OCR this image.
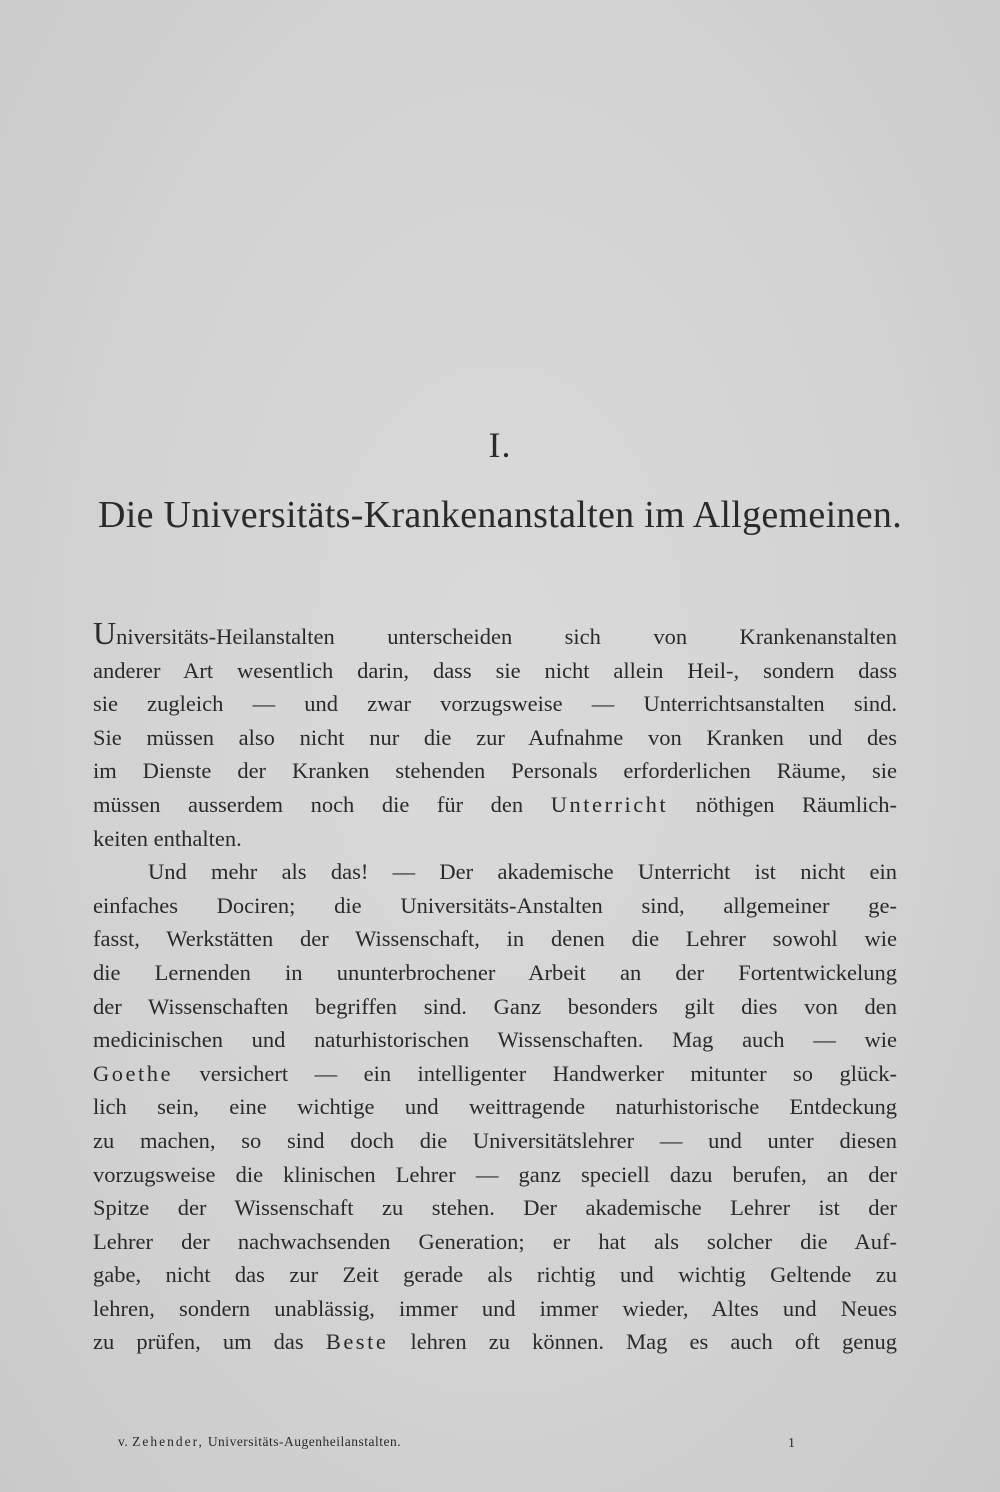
I.
Die Universitäts-Krankenanstalten im Allgemeinen.
Universitäts-Heilanstalten unterscheiden sich von Krankenanstalten
anderer Art wesentlich darin, dass sie nicht allein Heil-, sondern dass
sie zugleich — und zwar vorzugsweise — Unterrichtsanstalten sind.
Sie müssen also nicht nur die zur Aufnahme von Kranken und des
im Dienste der Kranken stehenden Personals erforderlichen Räume, sie
müssen ausserdem noch die für den Unterricht nöthigen Räumlich-
keiten enthalten.
Und mehr als das! — Der akademische Unterricht ist nicht ein
einfaches Dociren; die Universitäts-Anstalten sind, allgemeiner ge-
fasst, Werkstätten der Wissenschaft, in denen die Lehrer sowohl wie
die Lernenden in ununterbrochener Arbeit an der Fortentwickelung
der Wissenschaften begriffen sind. Ganz besonders gilt dies von den
medicinischen und naturhistorischen Wissenschaften. Mag auch — wie
Goethe versichert — ein intelligenter Handwerker mitunter so glück-
lich sein, eine wichtige und weittragende naturhistorische Entdeckung
zu machen, so sind doch die Universitätslehrer — und unter diesen
vorzugsweise die klinischen Lehrer — ganz speciell dazu berufen, an der
Spitze der Wissenschaft zu stehen. Der akademische Lehrer ist der
Lehrer der nachwachsenden Generation; er hat als solcher die Auf-
gabe, nicht das zur Zeit gerade als richtig und wichtig Geltende zu
lehren, sondern unablässig, immer und immer wieder, Altes und Neues
zu prüfen, um das Beste lehren zu können. Mag es auch oft genug
v. Zehender, Universitäts-Augenheilanstalten.	1
